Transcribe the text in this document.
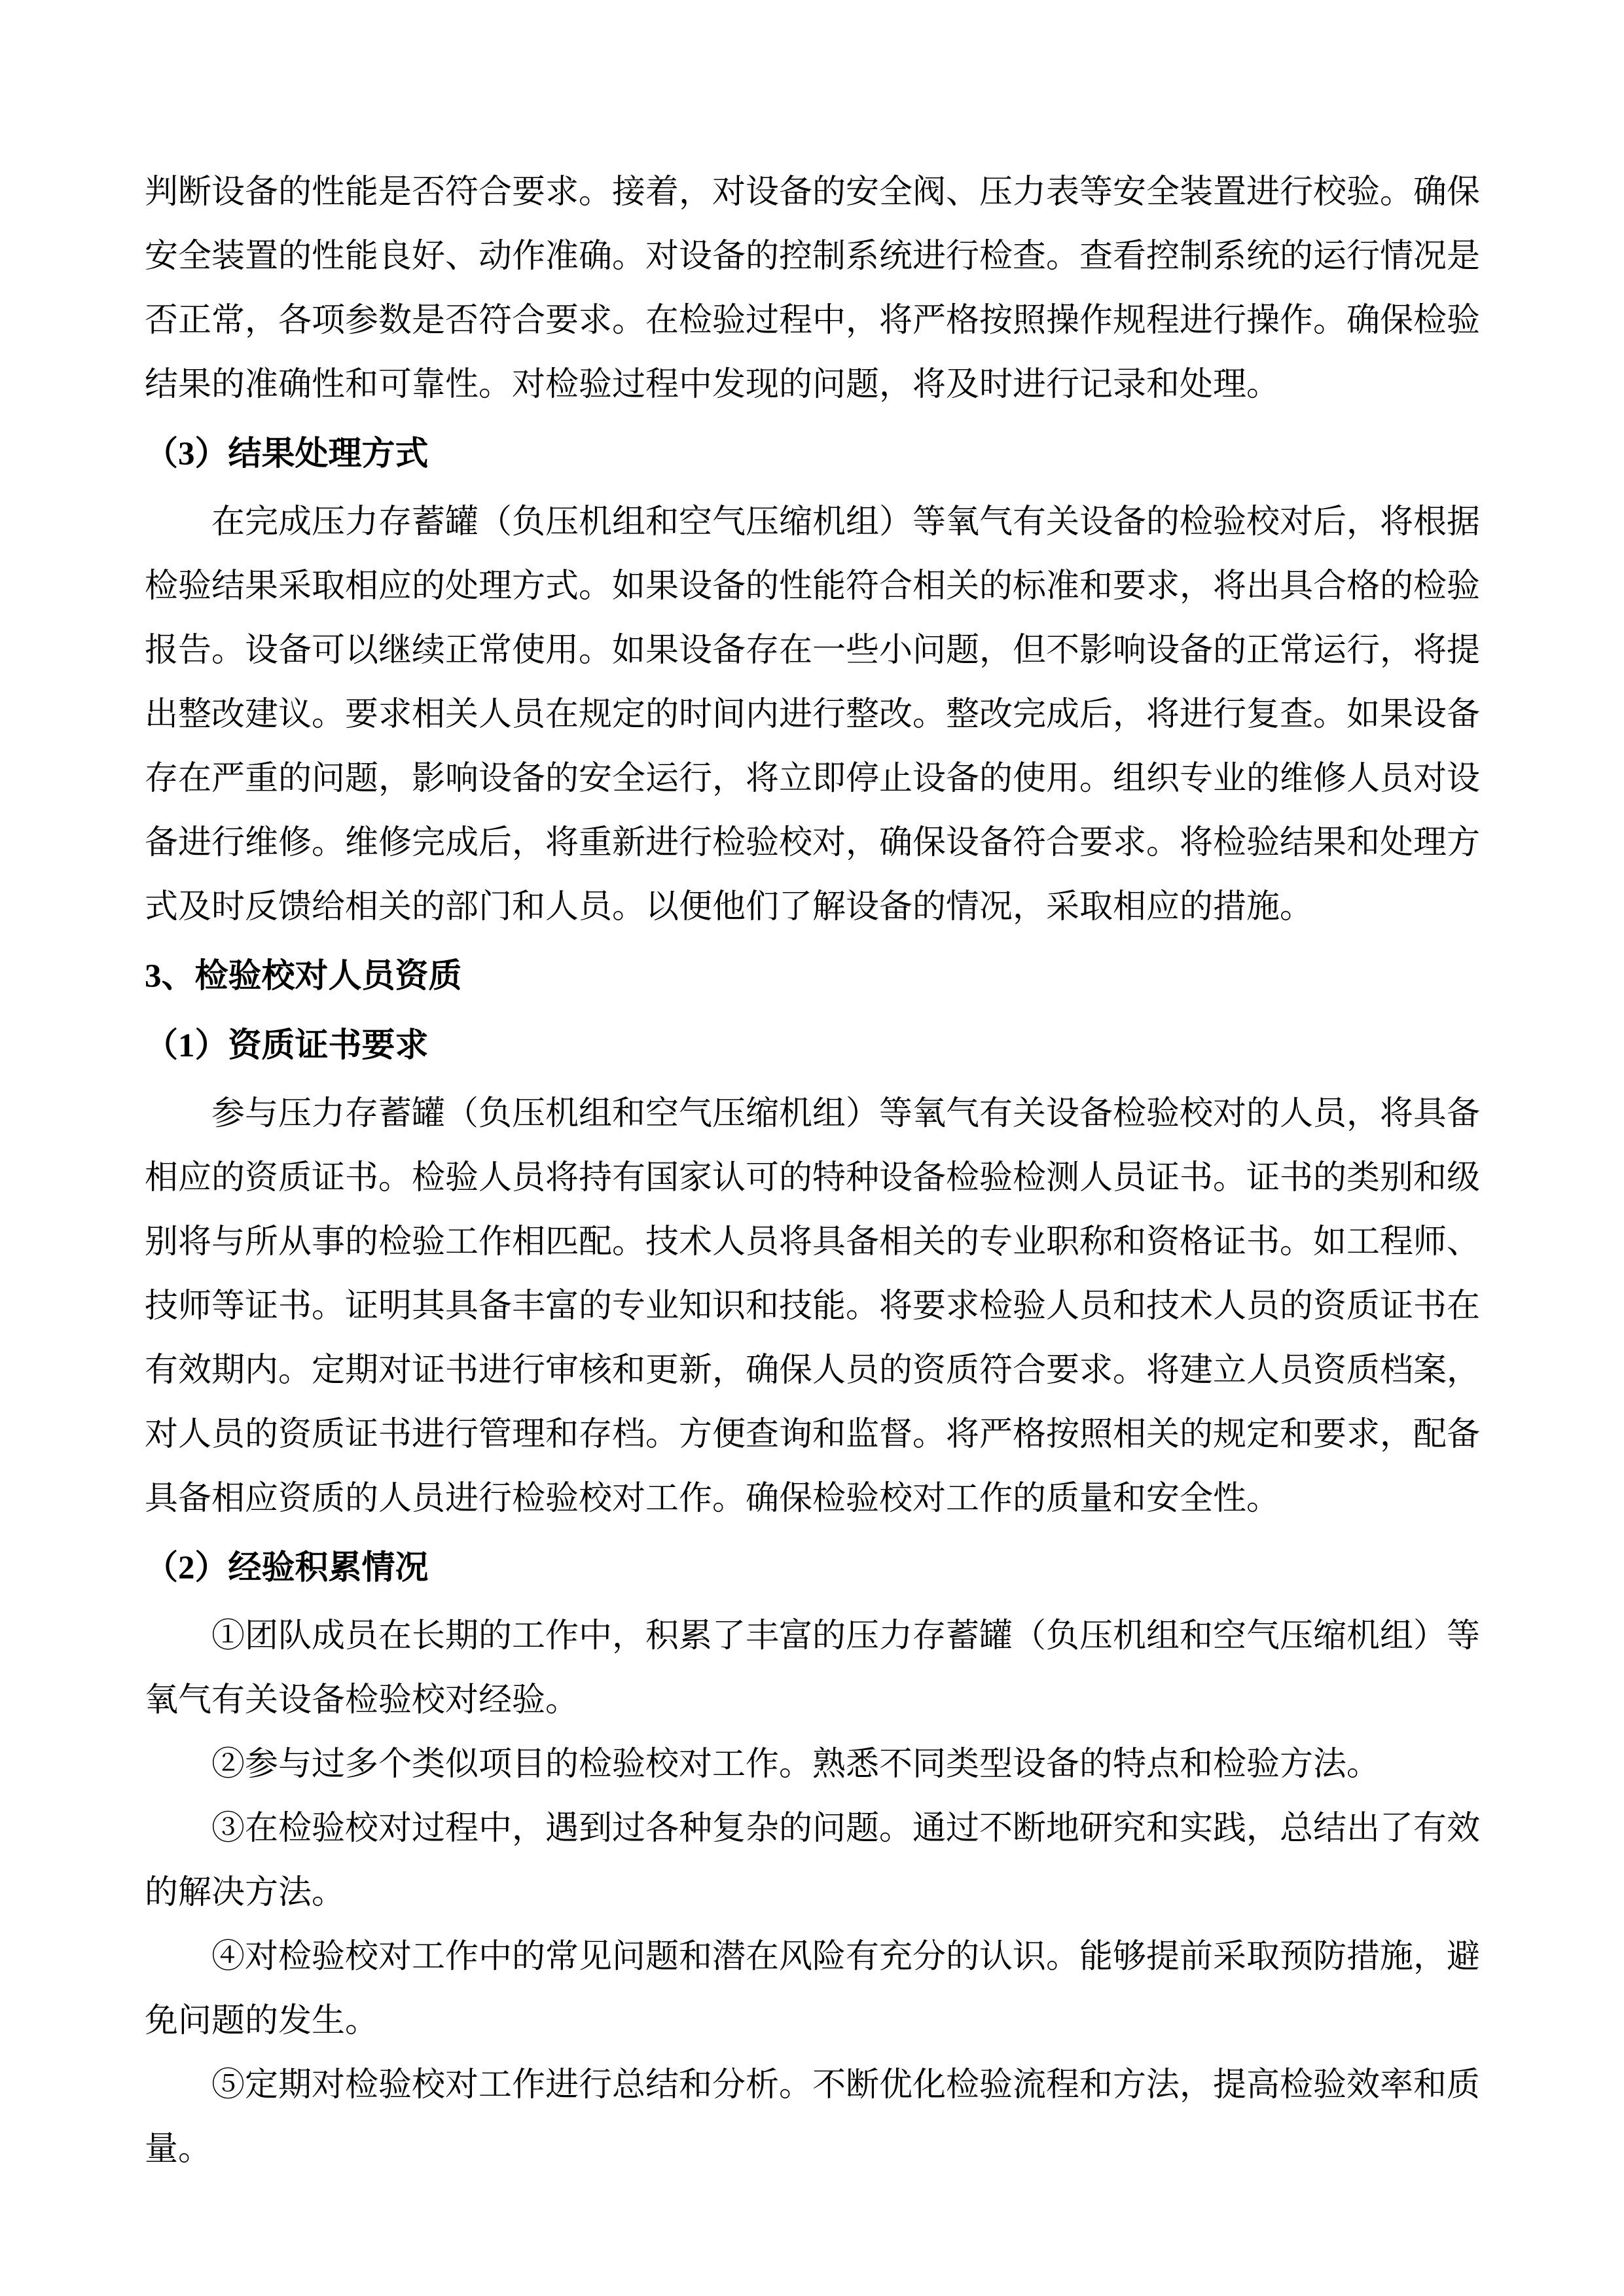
判断设备的性能是否符合要求。接着，对设备的安全阀、压力表等安全装置进行校验。确保安全装置的性能良好、动作准确。对设备的控制系统进行检查。查看控制系统的运行情况是否正常，各项参数是否符合要求。在检验过程中，将严格按照操作规程进行操作。确保检验结果的准确性和可靠性。对检验过程中发现的问题，将及时进行记录和处理。

（3）结果处理方式

在完成压力存蓄罐（负压机组和空气压缩机组）等氧气有关设备的检验校对后，将根据检验结果采取相应的处理方式。如果设备的性能符合相关的标准和要求，将出具合格的检验报告。设备可以继续正常使用。如果设备存在一些小问题，但不影响设备的正常运行，将提出整改建议。要求相关人员在规定的时间内进行整改。整改完成后，将进行复查。如果设备存在严重的问题，影响设备的安全运行，将立即停止设备的使用。组织专业的维修人员对设备进行维修。维修完成后，将重新进行检验校对，确保设备符合要求。将检验结果和处理方式及时反馈给相关的部门和人员。以便他们了解设备的情况，采取相应的措施。

3、检验校对人员资质

（1）资质证书要求

参与压力存蓄罐（负压机组和空气压缩机组）等氧气有关设备检验校对的人员，将具备相应的资质证书。检验人员将持有国家认可的特种设备检验检测人员证书。证书的类别和级别将与所从事的检验工作相匹配。技术人员将具备相关的专业职称和资格证书。如工程师、技师等证书。证明其具备丰富的专业知识和技能。将要求检验人员和技术人员的资质证书在有效期内。定期对证书进行审核和更新，确保人员的资质符合要求。将建立人员资质档案，对人员的资质证书进行管理和存档。方便查询和监督。将严格按照相关的规定和要求，配备具备相应资质的人员进行检验校对工作。确保检验校对工作的质量和安全性。

（2）经验积累情况

①团队成员在长期的工作中，积累了丰富的压力存蓄罐（负压机组和空气压缩机组）等氧气有关设备检验校对经验。

②参与过多个类似项目的检验校对工作。熟悉不同类型设备的特点和检验方法。

③在检验校对过程中，遇到过各种复杂的问题。通过不断地研究和实践，总结出了有效的解决方法。

④对检验校对工作中的常见问题和潜在风险有充分的认识。能够提前采取预防措施，避免问题的发生。

⑤定期对检验校对工作进行总结和分析。不断优化检验流程和方法，提高检验效率和质量。
